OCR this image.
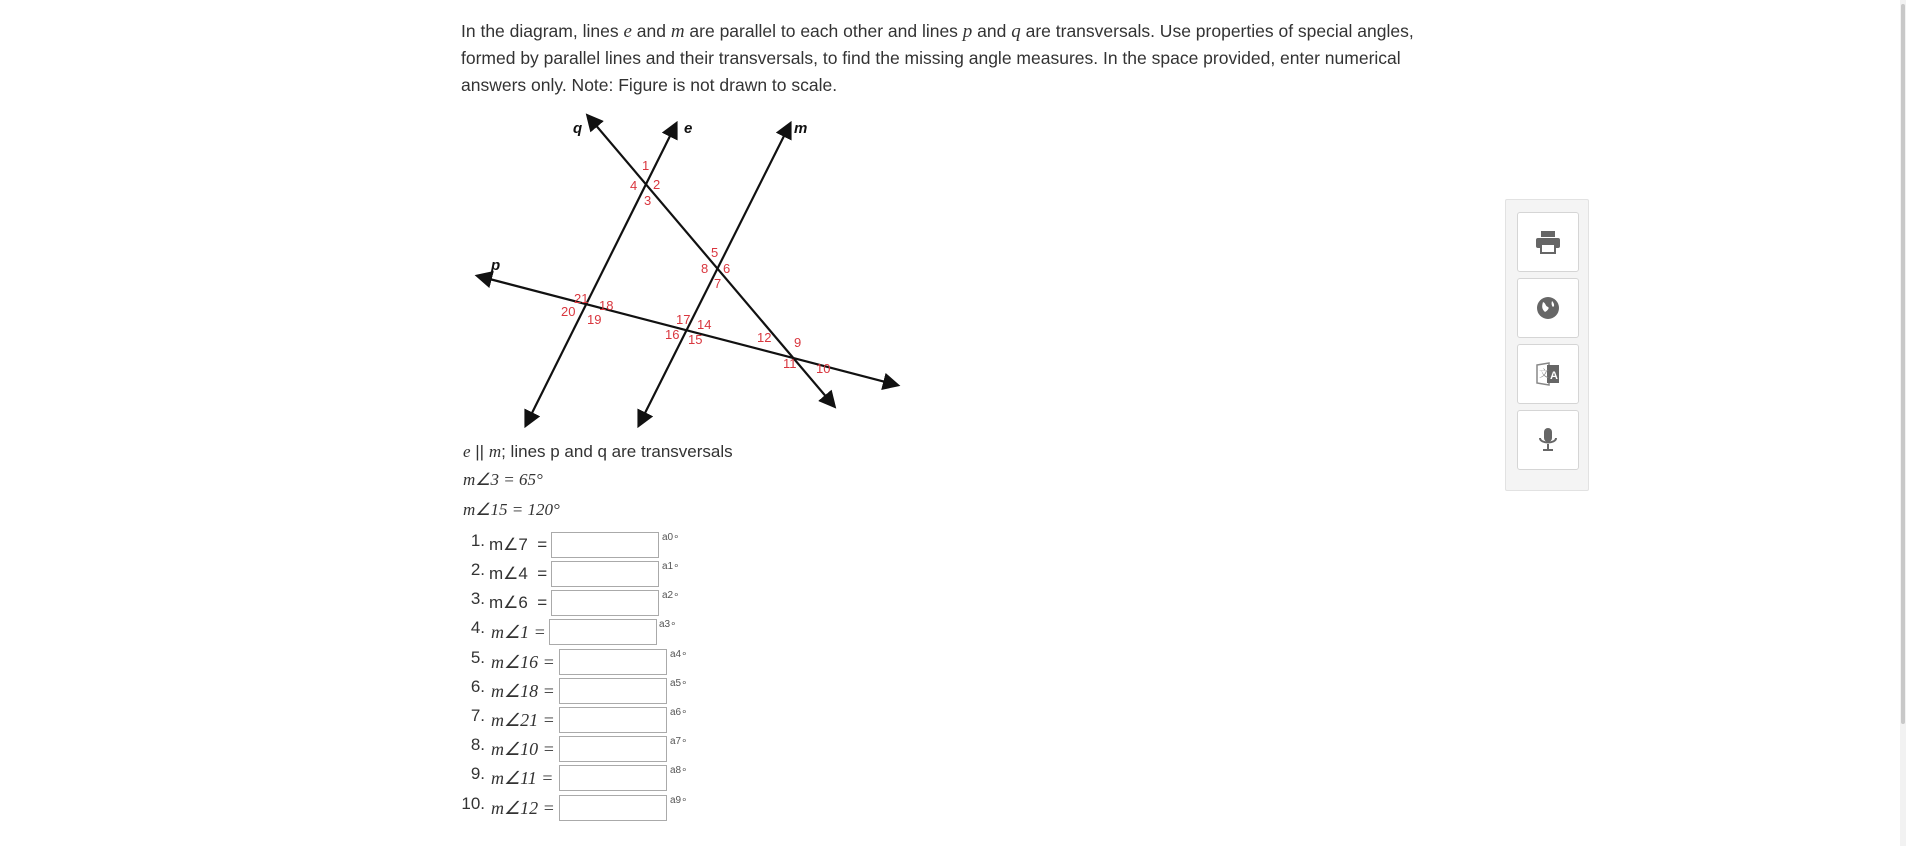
In the diagram, lines e and m are parallel to each other and lines p and q are transversals. Use properties of special angles, formed by parallel lines and their transversals, to find the missing angle measures. In the space provided, enter numerical answers only. Note: Figure is not drawn to scale.

q	e	m
p
1
2
3
4
5
6
7
8
9
10
11
12
14
15
16
17
18
19
20
21
e || m; lines p and q are transversals
m∠3 = 65°
m∠15 = 120°
1. m∠7  =	a0∘
2. m∠4  =	a1∘
3. m∠6  =	a2∘
4. m∠1 =	a3∘
5. m∠16 =	a4∘
6. m∠18 =	a5∘
7. m∠21 =	a6∘
8. m∠10 =	a7∘
9. m∠11 =	a8∘
10. m∠12 =	a9∘
A
文
